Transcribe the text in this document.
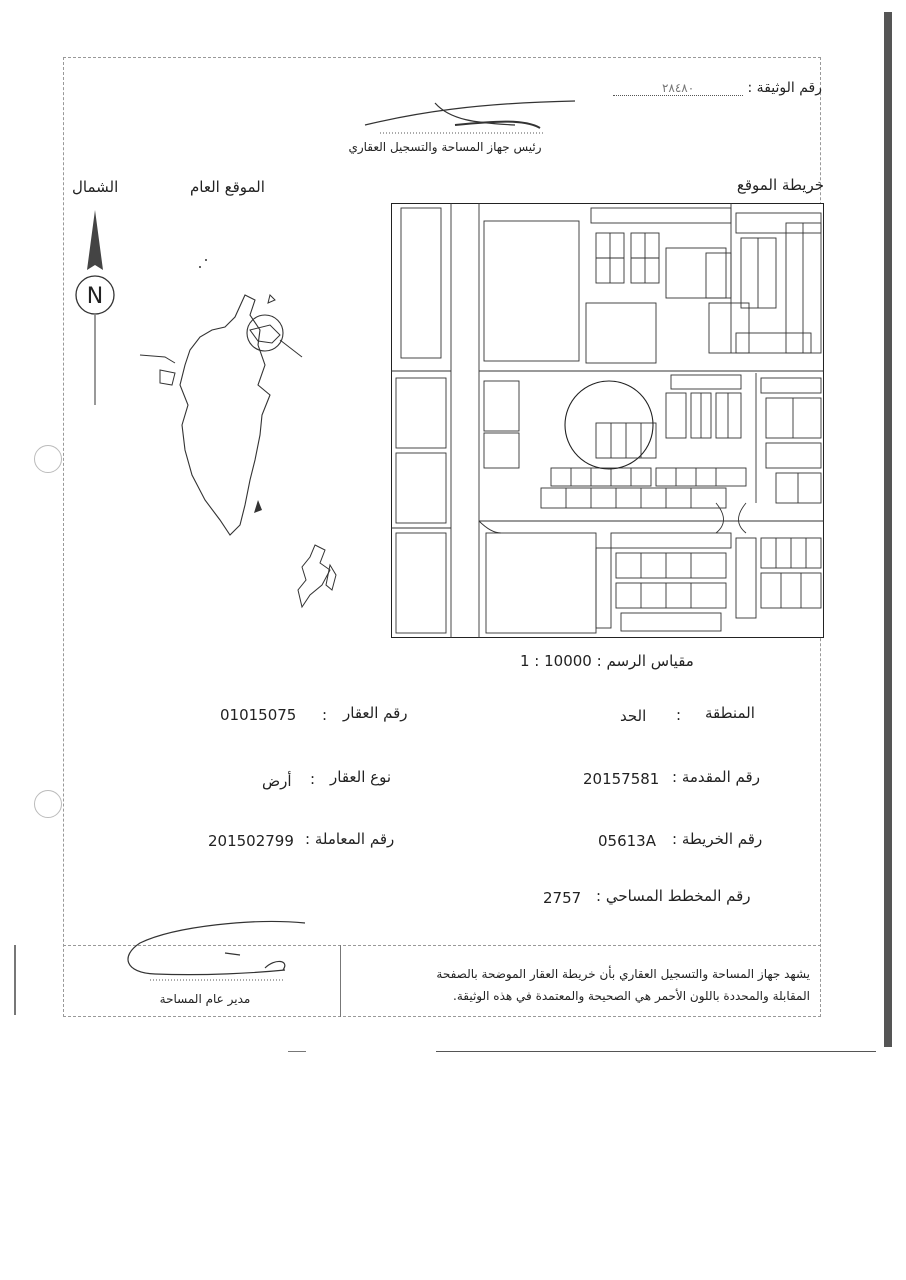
رقم الوثيقة : ٢٨٤٨٠
رئيس جهاز المساحة والتسجيل العقاري
الشمال	الموقع العام	خريطة الموقع
N
مقياس الرسم : 1 : 10000
01015075 : رقم العقار	الحد : المنطقة
أرض : نوع العقار	20157581 رقم المقدمة :
201502799 رقم المعاملة :	05613A رقم الخريطة :
2757 رقم المخطط المساحي :
يشهد جهاز المساحة والتسجيل العقاري بأن خريطة العقار الموضحة بالصفحة
المقابلة والمحددة باللون الأحمر هي الصحيحة والمعتمدة في هذه الوثيقة.
مدير عام المساحة
